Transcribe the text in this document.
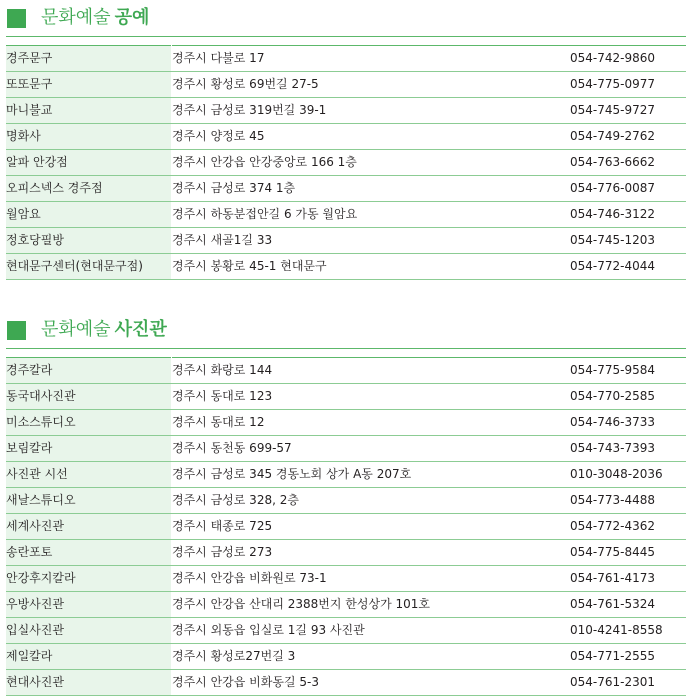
문화예술 공예
경주문구	경주시 다불로 17	054-742-9860
또또문구	경주시 황성로 69번길 27-5	054-775-0977
마니불교	경주시 금성로 319번길 39-1	054-745-9727
명화사	경주시 양정로 45	054-749-2762
알파 안강점	경주시 안강읍 안강중앙로 166 1층	054-763-6662
오피스넥스 경주점	경주시 금성로 374 1층	054-776-0087
월암요	경주시 하동분접안길 6 가동 월암요	054-746-3122
정호당필방	경주시 새골1길 33	054-745-1203
현대문구센터(현대문구점)	경주시 봉황로 45-1 현대문구	054-772-4044
문화예술 사진관
경주칼라	경주시 화랑로 144	054-775-9584
동국대사진관	경주시 동대로 123	054-770-2585
미소스튜디오	경주시 동대로 12	054-746-3733
보림칼라	경주시 동천동 699-57	054-743-7393
사진관 시선	경주시 금성로 345 경동노회 상가 A동 207호	010-3048-2036
새날스튜디오	경주시 금성로 328, 2층	054-773-4488
세계사진관	경주시 태종로 725	054-772-4362
송란포토	경주시 금성로 273	054-775-8445
안강후지칼라	경주시 안강읍 비화원로 73-1	054-761-4173
우방사진관	경주시 안강읍 산대리 2388번지 한성상가 101호	054-761-5324
입실사진관	경주시 외동읍 입실로 1길 93 사진관	010-4241-8558
제일칼라	경주시 황성로27번길 3	054-771-2555
현대사진관	경주시 안강읍 비화동길 5-3	054-761-2301
